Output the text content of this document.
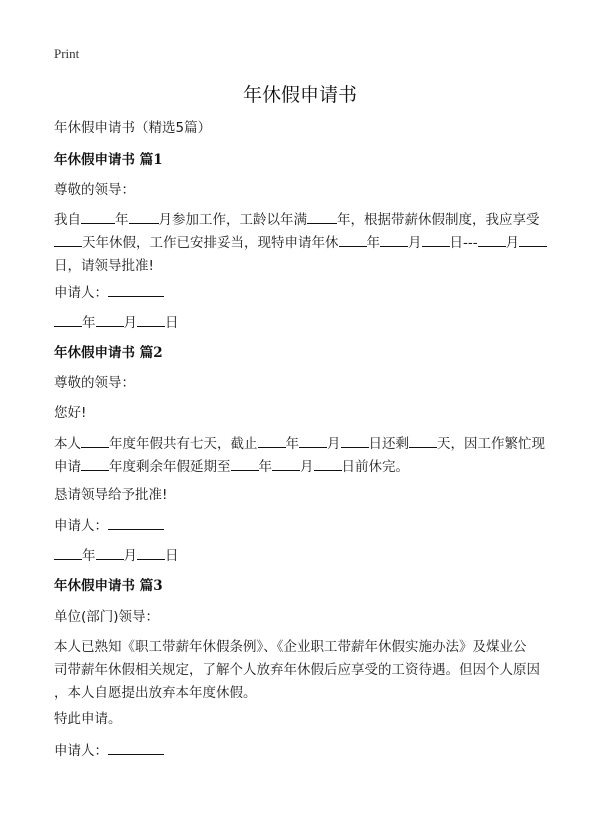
Print
年休假申请书
年休假申请书（精选5篇）
年休假申请书 篇1
尊敬的领导：
我自	年 月参加工作，工龄以年满 年，根据带薪休假制度，我应享受
天年休假，工作已安排妥当，现特申请年休 年 月 日--- 月
日，请领导批准!
申请人：
年 月 日
年休假申请书 篇2
尊敬的领导：
您好!
本人 年度年假共有七天，截止 年 月 日还剩 天，因工作繁忙现
申请 年度剩余年假延期至 年 月 日前休完。
恳请领导给予批准!
申请人：
年 月 日
年休假申请书 篇3
单位(部门)领导：
本人已熟知《职工带薪年休假条例》、《企业职工带薪年休假实施办法》及煤业公
司带薪年休假相关规定，了解个人放弃年休假后应享受的工资待遇。但因个人原因
，本人自愿提出放弃本年度休假。
特此申请。
申请人：
